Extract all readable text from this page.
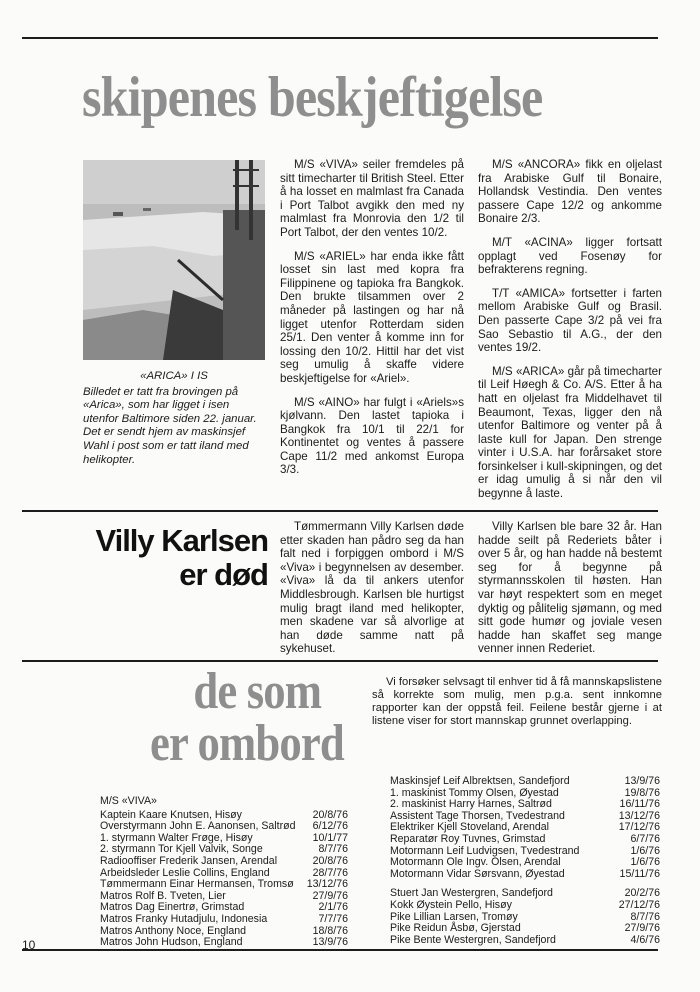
skipenes beskjeftigelse
«ARICA» I IS
Billedet er tatt fra brovingen på «Arica», som har ligget i isen utenfor Baltimore siden 22. januar. Det er sendt hjem av maskinsjef Wahl i post som er tatt iland med helikopter.

M/S «VIVA» seiler fremdeles på sitt timecharter til British Steel. Etter å ha losset en malmlast fra Canada i Port Talbot avgikk den med ny malmlast fra Monrovia den 1/2 til Port Talbot, der den ventes 10/2.

M/S «ARIEL» har enda ikke fått losset sin last med kopra fra Filippinene og tapioka fra Bangkok. Den brukte tilsammen over 2 måneder på lastingen og har nå ligget utenfor Rotterdam siden 25/1. Den venter å komme inn for lossing den 10/2. Hittil har det vist seg umulig å skaffe videre beskjeftigelse for «Ariel».

M/S «AINO» har fulgt i «Ariels»s kjølvann. Den lastet tapioka i Bangkok fra 10/1 til 22/1 for Kontinentet og ventes å passere Cape 11/2 med ankomst Europa 3/3.

M/S «ANCORA» fikk en oljelast fra Arabiske Gulf til Bonaire, Hollandsk Vestindia. Den ventes passere Cape 12/2 og ankomme Bonaire 2/3.

M/T «ACINA» ligger fortsatt opplagt ved Fosenøy for befrakterens regning.

T/T «AMICA» fortsetter i farten mellom Arabiske Gulf og Brasil. Den passerte Cape 3/2 på vei fra Sao Sebastio til A.G., der den ventes 19/2.

M/S «ARICA» går på timecharter til Leif Høegh & Co. A/S. Etter å ha hatt en oljelast fra Middelhavet til Beaumont, Texas, ligger den nå utenfor Baltimore og venter på å laste kull for Japan. Den strenge vinter i U.S.A. har forårsaket store forsinkelser i kull-skipningen, og det er idag umulig å si når den vil begynne å laste.

Villy Karlsen
er død

Tømmermann Villy Karlsen døde etter skaden han pådro seg da han falt ned i forpiggen ombord i M/S «Viva» i begynnelsen av desember. «Viva» lå da til ankers utenfor Middlesbrough. Karlsen ble hurtigst mulig bragt iland med helikopter, men skadene var så alvorlige at han døde samme natt på sykehuset.

Villy Karlsen ble bare 32 år. Han hadde seilt på Rederiets båter i over 5 år, og han hadde nå bestemt seg for å begynne på styrmannsskolen til høsten. Han var høyt respektert som en meget dyktig og pålitelig sjømann, og med sitt gode humør og joviale vesen hadde han skaffet seg mange venner innen Rederiet.

de som
er ombord

Vi forsøker selvsagt til enhver tid å få mannskapslistene så korrekte som mulig, men p.g.a. sent innkomne rapporter kan der oppstå feil. Feilene består gjerne i at listene viser for stort mannskap grunnet overlapping.

M/S «VIVA»
Kaptein Kaare Knutsen, Hisøy	20/8/76
Overstyrmann John E. Aanonsen, Saltrød 6/12/76
1. styrmann Walter Frøge, Hisøy	10/1/77
2. styrmann Tor Kjell Valvik, Songe	8/7/76
Radiooffiser Frederik Jansen, Arendal	20/8/76
Arbeidsleder Leslie Collins, England	28/7/76
Tømmermann Einar Hermansen, Tromsø 13/12/76
Matros Rolf B. Tveten, Lier	27/9/76
Matros Dag Einertrø, Grimstad	2/1/76
Matros Franky Hutadjulu, Indonesia	7/7/76
Matros Anthony Noce, England	18/8/76
Matros John Hudson, England	13/9/76
Maskinsjef Leif Albrektsen, Sandefjord	13/9/76
1. maskinist Tommy Olsen, Øyestad	19/8/76
2. maskinist Harry Harnes, Saltrød	16/11/76
Assistent Tage Thorsen, Tvedestrand	13/12/76
Elektriker Kjell Stoveland, Arendal	17/12/76
Reparatør Roy Tuvnes, Grimstad	6/7/76
Motormann Leif Ludvigsen, Tvedestrand	1/6/76
Motormann Ole Ingv. Olsen, Arendal	1/6/76
Motormann Vidar Sørsvann, Øyestad	15/11/76
Stuert Jan Westergren, Sandefjord	20/2/76
Kokk Øystein Pello, Hisøy	27/12/76
Pike Lillian Larsen, Tromøy	8/7/76
Pike Reidun Åsbø, Gjerstad	27/9/76
Pike Bente Westergren, Sandefjord	4/6/76
10
